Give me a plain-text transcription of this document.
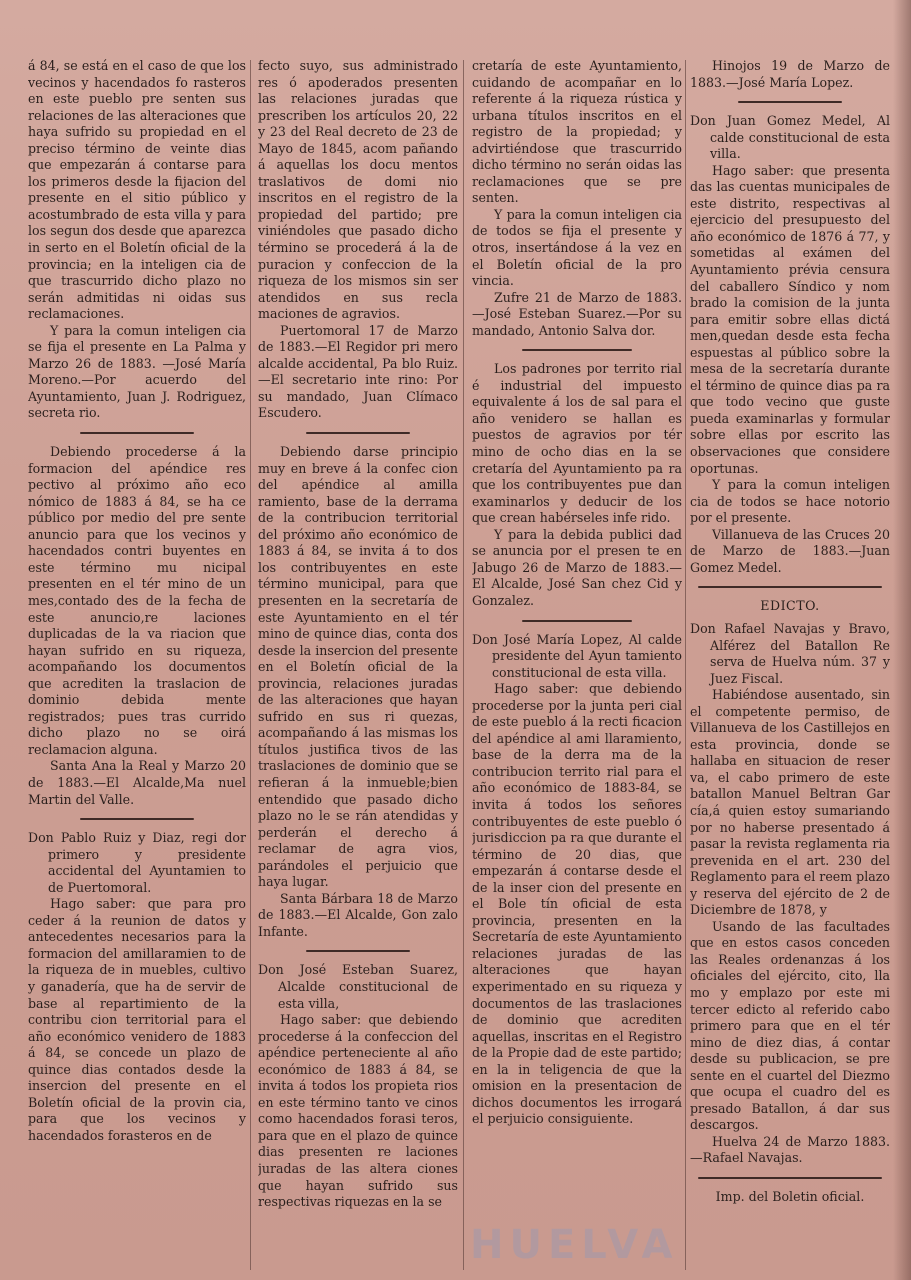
á 84, se está en el caso de que los vecinos y hacendados fo rasteros en este pueblo pre senten sus relaciones de las alteraciones que haya sufrido su propiedad en el preciso término de veinte dias que empezarán á contarse para los primeros desde la fijacion del presente en el sitio público y acostumbrado de esta villa y para los segun dos desde que aparezca in serto en el Boletín oficial de la provincia; en la inteligen cia de que trascurrido dicho plazo no serán admitidas ni oidas sus reclamaciones.

Y para la comun inteligen cia se fija el presente en La Palma y Marzo 26 de 1883. —José María Moreno.—Por acuerdo del Ayuntamiento, Juan J. Rodriguez, secreta rio.

Debiendo procederse á la formacion del apéndice res pectivo al próximo año eco nómico de 1883 á 84, se ha ce público por medio del pre sente anuncio para que los vecinos y hacendados contri buyentes en este término mu nicipal presenten en el tér mino de un mes,contado des de la fecha de este anuncio,re laciones duplicadas de la va riacion que hayan sufrido en su riqueza, acompañando los documentos que acrediten la traslacion de dominio debida mente registrados; pues tras currido dicho plazo no se oirá reclamacion alguna.

Santa Ana la Real y Marzo 20 de 1883.—El Alcalde,Ma nuel Martin del Valle.

Don Pablo Ruiz y Diaz, regi dor primero y presidente accidental del Ayuntamien to de Puertomoral.

Hago saber: que para pro ceder á la reunion de datos y antecedentes necesarios para la formacion del amillaramien to de la riqueza de in muebles, cultivo y ganadería, que ha de servir de base al repartimiento de la contribu cion territorial para el año económico venidero de 1883 á 84, se concede un plazo de quince dias contados desde la insercion del presente en el Boletín oficial de la provin cia, para que los vecinos y hacendados forasteros en de

fecto suyo, sus administrado res ó apoderados presenten las relaciones juradas que prescriben los artículos 20, 22 y 23 del Real decreto de 23 de Mayo de 1845, acom pañando á aquellas los docu mentos traslativos de domi nio inscritos en el registro de la propiedad del partido; pre viniéndoles que pasado dicho término se procederá á la de puracion y confeccion de la riqueza de los mismos sin ser atendidos en sus recla maciones de agravios.

Puertomoral 17 de Marzo de 1883.—El Regidor pri mero alcalde accidental, Pa blo Ruiz.—El secretario inte rino: Por su mandado, Juan Clímaco Escudero.

Debiendo darse principio muy en breve á la confec cion del apéndice al amilla ramiento, base de la derrama de la contribucion territorial del próximo año económico de 1883 á 84, se invita á to dos los contribuyentes en este término municipal, para que presenten en la secretaría de este Ayuntamiento en el tér mino de quince dias, conta dos desde la insercion del presente en el Boletín oficial de la provincia, relaciones juradas de las alteraciones que hayan sufrido en sus ri quezas, acompañando á las mismas los títulos justifica tivos de las traslaciones de dominio que se refieran á la inmueble;bien entendido que pasado dicho plazo no le se rán atendidas y perderán el derecho á reclamar de agra vios, parándoles el perjuicio que haya lugar.

Santa Bárbara 18 de Marzo de 1883.—El Alcalde, Gon zalo Infante.

Don José Esteban Suarez, Alcalde constitucional de esta villa,

Hago saber: que debiendo procederse á la confeccion del apéndice perteneciente al año económico de 1883 á 84, se invita á todos los propieta rios en este término tanto ve cinos como hacendados forasi teros, para que en el plazo de quince dias presenten re laciones juradas de las altera ciones que hayan sufrido sus respectivas riquezas en la se

cretaría de este Ayuntamiento, cuidando de acompañar en lo referente á la riqueza rústica y urbana títulos inscritos en el registro de la propiedad; y advirtiéndose que trascurrido dicho término no serán oidas las reclamaciones que se pre senten.

Y para la comun inteligen cia de todos se fija el presente y otros, insertándose á la vez en el Boletín oficial de la pro vincia.

Zufre 21 de Marzo de 1883. —José Esteban Suarez.—Por su mandado, Antonio Salva dor.

Los padrones por territo rial é industrial del impuesto equivalente á los de sal para el año venidero se hallan es puestos de agravios por tér mino de ocho dias en la se cretaría del Ayuntamiento pa ra que los contribuyentes pue dan examinarlos y deducir de los que crean habérseles infe rido.

Y para la debida publici dad se anuncia por el presen te en Jabugo 26 de Marzo de 1883.—El Alcalde, José San chez Cid y Gonzalez.

Don José María Lopez, Al calde presidente del Ayun tamiento constitucional de esta villa.

Hago saber: que debiendo procederse por la junta peri cial de este pueblo á la recti ficacion del apéndice al ami llaramiento, base de la derra ma de la contribucion territo rial para el año económico de 1883-84, se invita á todos los señores contribuyentes de este pueblo ó jurisdiccion pa ra que durante el término de 20 dias, que empezarán á contarse desde el de la inser cion del presente en el Bole tín oficial de esta provincia, presenten en la Secretaría de este Ayuntamiento relaciones juradas de las alteraciones que hayan experimentado en su riqueza y documentos de las traslaciones de dominio que acrediten aquellas, inscritas en el Registro de la Propie dad de este partido; en la in teligencia de que la omision en la presentacion de dichos documentos les irrogará el perjuicio consiguiente.

Hinojos 19 de Marzo de 1883.—José María Lopez.

Don Juan Gomez Medel, Al calde constitucional de esta villa.

Hago saber: que presenta das las cuentas municipales de este distrito, respectivas al ejercicio del presupuesto del año económico de 1876 á 77, y sometidas al exámen del Ayuntamiento prévia censura del caballero Síndico y nom brado la comision de la junta para emitir sobre ellas dictá men,quedan desde esta fecha espuestas al público sobre la mesa de la secretaría durante el término de quince dias pa ra que todo vecino que guste pueda examinarlas y formular sobre ellas por escrito las observaciones que considere oportunas.

Y para la comun inteligen cia de todos se hace notorio por el presente.

Villanueva de las Cruces 20 de Marzo de 1883.—Juan Gomez Medel.

EDICTO.

Don Rafael Navajas y Bravo, Alférez del Batallon Re serva de Huelva núm. 37 y Juez Fiscal.

Habiéndose ausentado, sin el competente permiso, de Villanueva de los Castillejos en esta provincia, donde se hallaba en situacion de reser va, el cabo primero de este batallon Manuel Beltran Gar cía,á quien estoy sumariando por no haberse presentado á pasar la revista reglamenta ria prevenida en el art. 230 del Reglamento para el reem plazo y reserva del ejército de 2 de Diciembre de 1878, y

Usando de las facultades que en estos casos conceden las Reales ordenanzas á los oficiales del ejército, cito, lla mo y emplazo por este mi tercer edicto al referido cabo primero para que en el tér mino de diez dias, á contar desde su publicacion, se pre sente en el cuartel del Diezmo que ocupa el cuadro del es presado Batallon, á dar sus descargos.

Huelva 24 de Marzo 1883. —Rafael Navajas.

Imp. del Boletin oficial.

HUELVA
